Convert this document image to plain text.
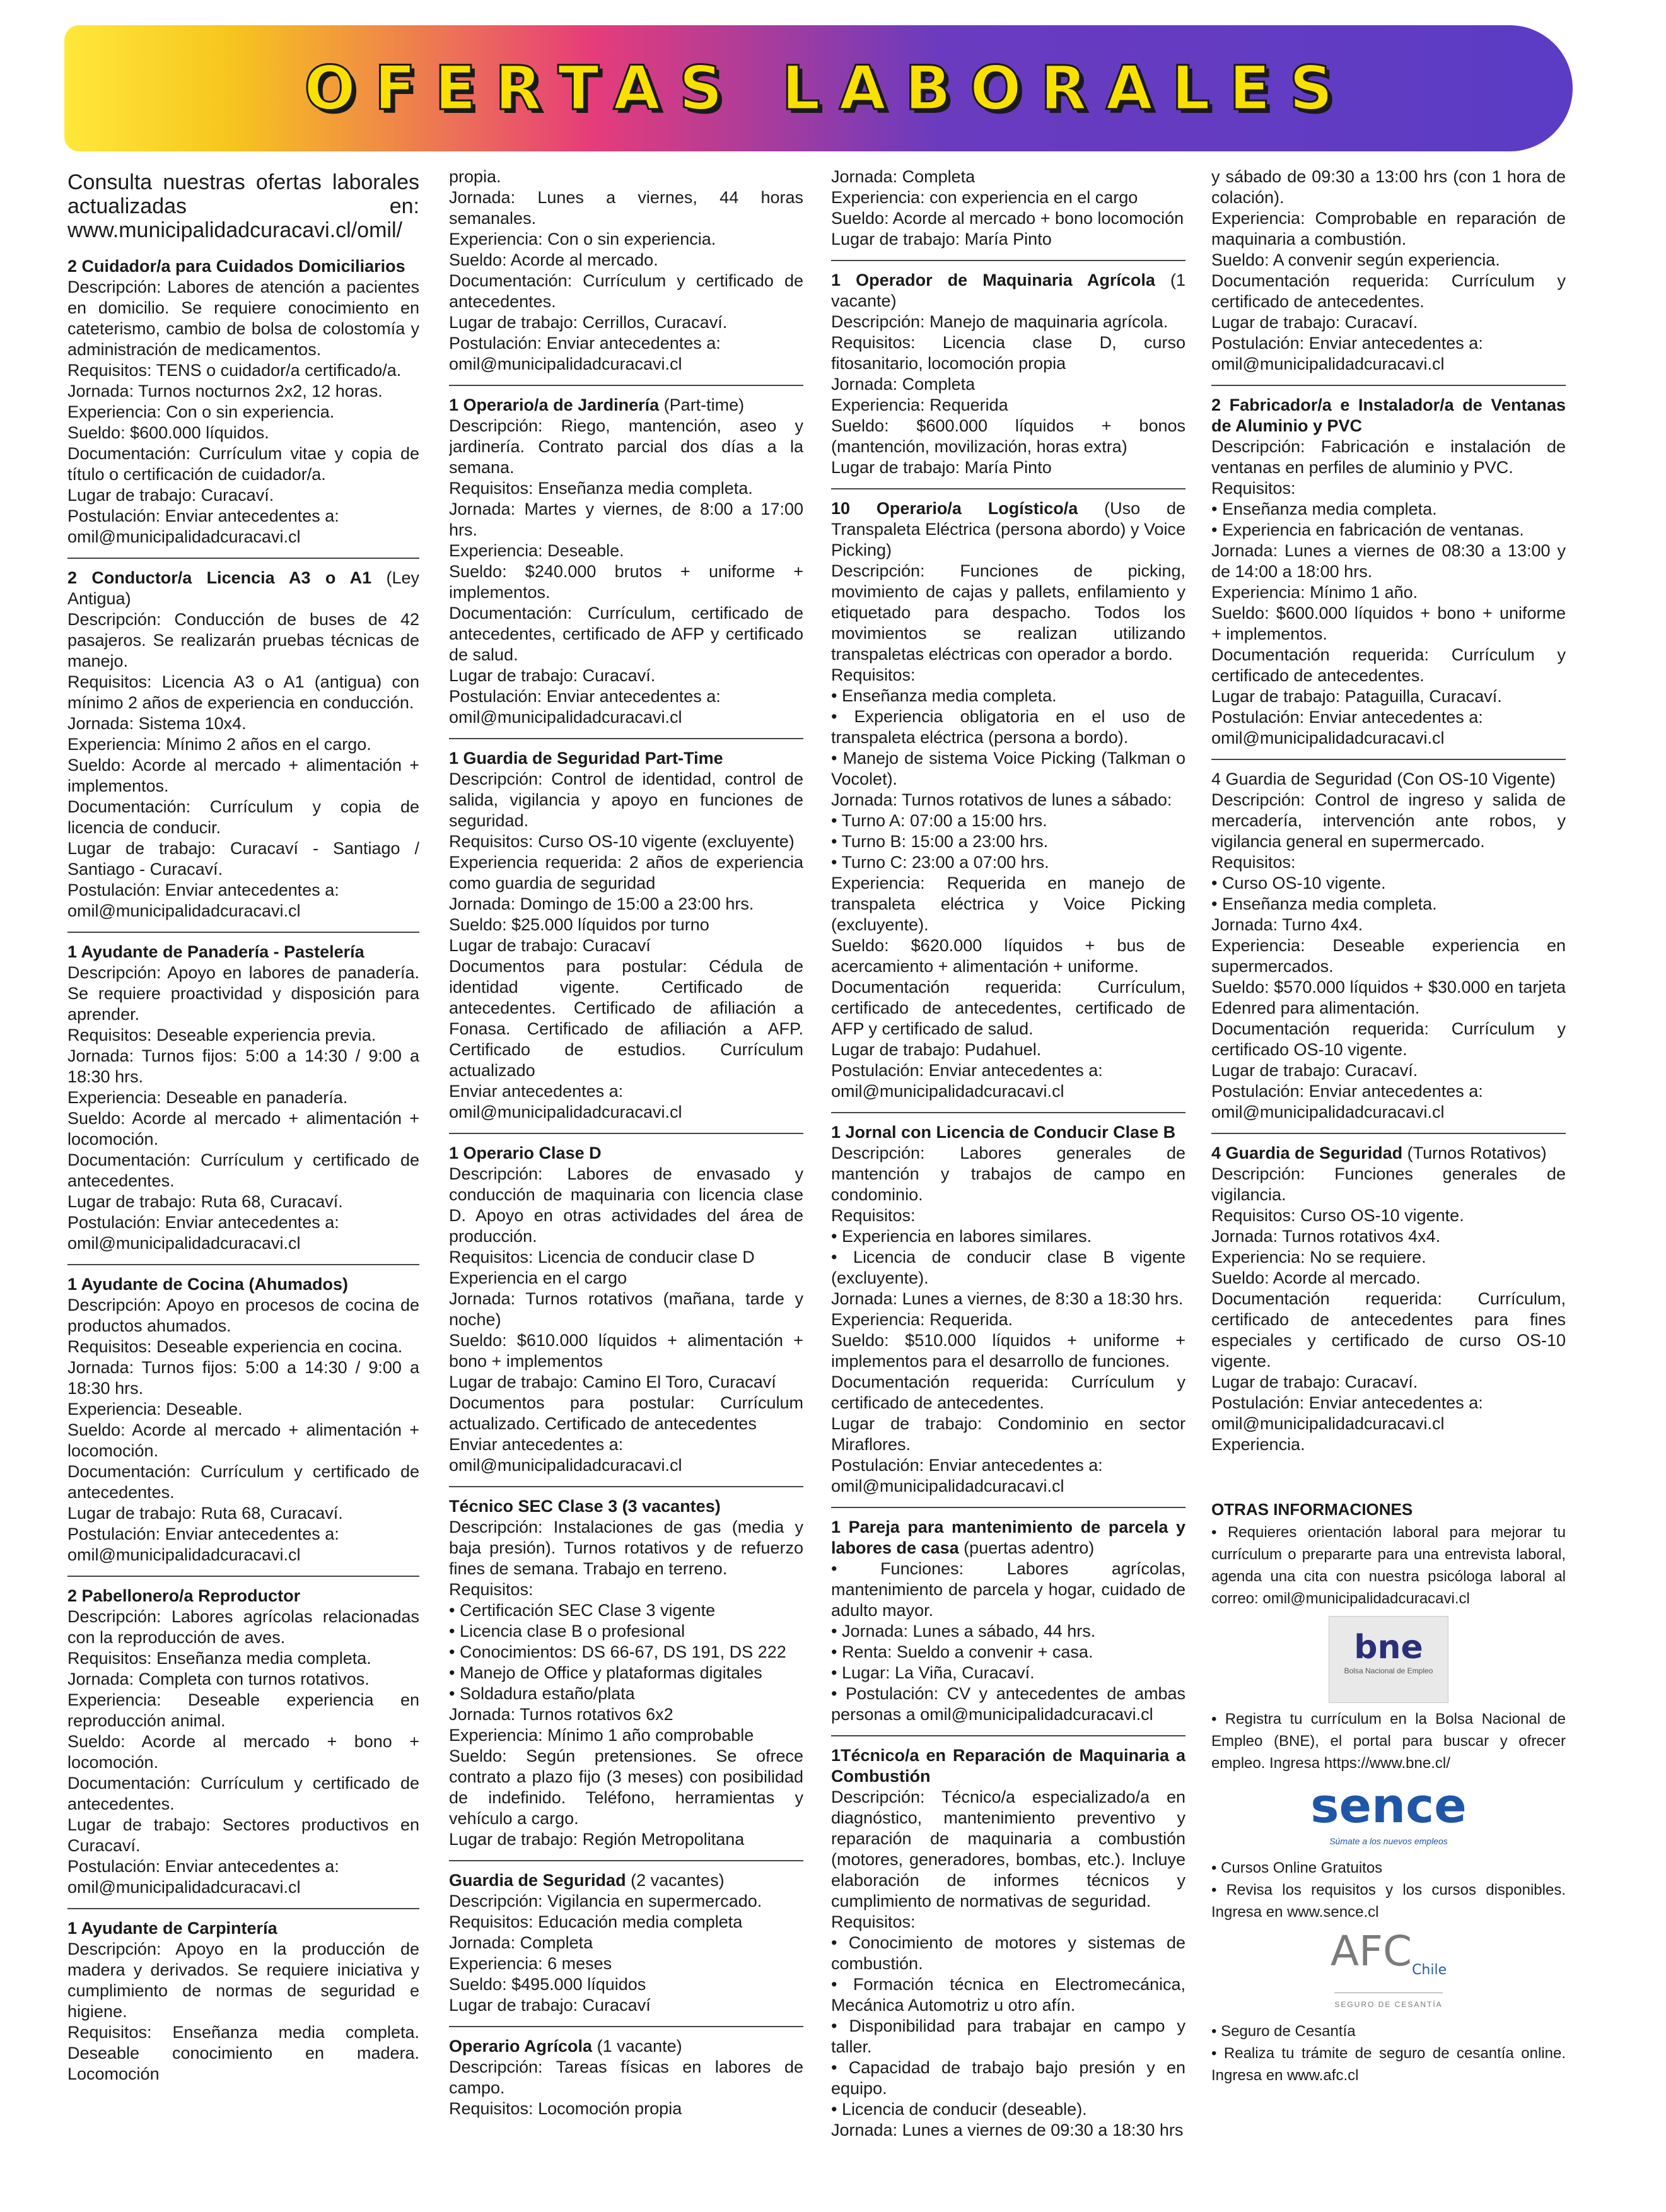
OFERTAS LABORALES
Consulta nuestras ofertas laborales actualizadas en: www.municipalidadcuracavi.cl/omil/
2 Cuidador/a para Cuidados Domiciliarios
Descripción: Labores de atención a pacientes en domicilio. Se requiere conocimiento en cateterismo, cambio de bolsa de colostomía y administración de medicamentos.
Requisitos: TENS o cuidador/a certificado/a.
Jornada: Turnos nocturnos 2x2, 12 horas.
Experiencia: Con o sin experiencia.
Sueldo: $600.000 líquidos.
Documentación: Currículum vitae y copia de título o certificación de cuidador/a.
Lugar de trabajo: Curacaví.
Postulación: Enviar antecedentes a:
omil@municipalidadcuracavi.cl
2 Conductor/a Licencia A3 o A1 (Ley Antigua)
Descripción: Conducción de buses de 42 pasajeros. Se realizarán pruebas técnicas de manejo.
Requisitos: Licencia A3 o A1 (antigua) con mínimo 2 años de experiencia en conducción.
Jornada: Sistema 10x4.
Experiencia: Mínimo 2 años en el cargo.
Sueldo: Acorde al mercado + alimentación + implementos.
Documentación: Currículum y copia de licencia de conducir.
Lugar de trabajo: Curacaví - Santiago / Santiago - Curacaví.
Postulación: Enviar antecedentes a:
omil@municipalidadcuracavi.cl
1 Ayudante de Panadería - Pastelería
Descripción: Apoyo en labores de panadería. Se requiere proactividad y disposición para aprender.
Requisitos: Deseable experiencia previa.
Jornada: Turnos fijos: 5:00 a 14:30 / 9:00 a 18:30 hrs.
Experiencia: Deseable en panadería.
Sueldo: Acorde al mercado + alimentación + locomoción.
Documentación: Currículum y certificado de antecedentes.
Lugar de trabajo: Ruta 68, Curacaví.
Postulación: Enviar antecedentes a:
omil@municipalidadcuracavi.cl
1 Ayudante de Cocina (Ahumados)
Descripción: Apoyo en procesos de cocina de productos ahumados.
Requisitos: Deseable experiencia en cocina.
Jornada: Turnos fijos: 5:00 a 14:30 / 9:00 a 18:30 hrs.
Experiencia: Deseable.
Sueldo: Acorde al mercado + alimentación + locomoción.
Documentación: Currículum y certificado de antecedentes.
Lugar de trabajo: Ruta 68, Curacaví.
Postulación: Enviar antecedentes a:
omil@municipalidadcuracavi.cl
2 Pabellonero/a Reproductor
Descripción: Labores agrícolas relacionadas con la reproducción de aves.
Requisitos: Enseñanza media completa.
Jornada: Completa con turnos rotativos.
Experiencia: Deseable experiencia en reproducción animal.
Sueldo: Acorde al mercado + bono + locomoción.
Documentación: Currículum y certificado de antecedentes.
Lugar de trabajo: Sectores productivos en Curacaví.
Postulación: Enviar antecedentes a:
omil@municipalidadcuracavi.cl
1 Ayudante de Carpintería
Descripción: Apoyo en la producción de madera y derivados. Se requiere iniciativa y cumplimiento de normas de seguridad e higiene.
Requisitos: Enseñanza media completa. Deseable conocimiento en madera. Locomoción
propia.
Jornada: Lunes a viernes, 44 horas semanales.
Experiencia: Con o sin experiencia.
Sueldo: Acorde al mercado.
Documentación: Currículum y certificado de antecedentes.
Lugar de trabajo: Cerrillos, Curacaví.
Postulación: Enviar antecedentes a:
omil@municipalidadcuracavi.cl
1 Operario/a de Jardinería (Part-time)
Descripción: Riego, mantención, aseo y jardinería. Contrato parcial dos días a la semana.
Requisitos: Enseñanza media completa.
Jornada: Martes y viernes, de 8:00 a 17:00 hrs.
Experiencia: Deseable.
Sueldo: $240.000 brutos + uniforme + implementos.
Documentación: Currículum, certificado de antecedentes, certificado de AFP y certificado de salud.
Lugar de trabajo: Curacaví.
Postulación: Enviar antecedentes a:
omil@municipalidadcuracavi.cl
1 Guardia de Seguridad Part-Time
Descripción: Control de identidad, control de salida, vigilancia y apoyo en funciones de seguridad.
Requisitos: Curso OS-10 vigente (excluyente)
Experiencia requerida: 2 años de experiencia como guardia de seguridad
Jornada: Domingo de 15:00 a 23:00 hrs.
Sueldo: $25.000 líquidos por turno
Lugar de trabajo: Curacaví
Documentos para postular: Cédula de identidad vigente. Certificado de antecedentes. Certificado de afiliación a Fonasa. Certificado de afiliación a AFP. Certificado de estudios. Currículum actualizado
Enviar antecedentes a:
omil@municipalidadcuracavi.cl
1 Operario Clase D
Descripción: Labores de envasado y conducción de maquinaria con licencia clase D. Apoyo en otras actividades del área de producción.
Requisitos: Licencia de conducir clase D
Experiencia en el cargo
Jornada: Turnos rotativos (mañana, tarde y noche)
Sueldo: $610.000 líquidos + alimentación + bono + implementos
Lugar de trabajo: Camino El Toro, Curacaví
Documentos para postular: Currículum actualizado. Certificado de antecedentes
Enviar antecedentes a:
omil@municipalidadcuracavi.cl
Técnico SEC Clase 3 (3 vacantes)
Descripción: Instalaciones de gas (media y baja presión). Turnos rotativos y de refuerzo fines de semana. Trabajo en terreno.
Requisitos:
• Certificación SEC Clase 3 vigente
• Licencia clase B o profesional
• Conocimientos: DS 66-67, DS 191, DS 222
• Manejo de Office y plataformas digitales
• Soldadura estaño/plata
Jornada: Turnos rotativos 6x2
Experiencia: Mínimo 1 año comprobable
Sueldo: Según pretensiones. Se ofrece contrato a plazo fijo (3 meses) con posibilidad de indefinido. Teléfono, herramientas y vehículo a cargo.
Lugar de trabajo: Región Metropolitana
Guardia de Seguridad (2 vacantes)
Descripción: Vigilancia en supermercado.
Requisitos: Educación media completa
Jornada: Completa
Experiencia: 6 meses
Sueldo: $495.000 líquidos
Lugar de trabajo: Curacaví
Operario Agrícola (1 vacante)
Descripción: Tareas físicas en labores de campo.
Requisitos: Locomoción propia
Jornada: Completa
Experiencia: con experiencia en el cargo
Sueldo: Acorde al mercado + bono locomoción
Lugar de trabajo: María Pinto
1 Operador de Maquinaria Agrícola (1 vacante)
Descripción: Manejo de maquinaria agrícola.
Requisitos: Licencia clase D, curso fitosanitario, locomoción propia
Jornada: Completa
Experiencia: Requerida
Sueldo: $600.000 líquidos + bonos (mantención, movilización, horas extra)
Lugar de trabajo: María Pinto
10 Operario/a Logístico/a (Uso de Transpaleta Eléctrica (persona abordo) y Voice Picking)
Descripción: Funciones de picking, movimiento de cajas y pallets, enfilamiento y etiquetado para despacho. Todos los movimientos se realizan utilizando transpaletas eléctricas con operador a bordo.
Requisitos:
• Enseñanza media completa.
• Experiencia obligatoria en el uso de transpaleta eléctrica (persona a bordo).
• Manejo de sistema Voice Picking (Talkman o Vocolet).
Jornada: Turnos rotativos de lunes a sábado:
• Turno A: 07:00 a 15:00 hrs.
• Turno B: 15:00 a 23:00 hrs.
• Turno C: 23:00 a 07:00 hrs.
Experiencia: Requerida en manejo de transpaleta eléctrica y Voice Picking (excluyente).
Sueldo: $620.000 líquidos + bus de acercamiento + alimentación + uniforme.
Documentación requerida: Currículum, certificado de antecedentes, certificado de AFP y certificado de salud.
Lugar de trabajo: Pudahuel.
Postulación: Enviar antecedentes a:
omil@municipalidadcuracavi.cl
1 Jornal con Licencia de Conducir Clase B
Descripción: Labores generales de mantención y trabajos de campo en condominio.
Requisitos:
• Experiencia en labores similares.
• Licencia de conducir clase B vigente (excluyente).
Jornada: Lunes a viernes, de 8:30 a 18:30 hrs.
Experiencia: Requerida.
Sueldo: $510.000 líquidos + uniforme + implementos para el desarrollo de funciones.
Documentación requerida: Currículum y certificado de antecedentes.
Lugar de trabajo: Condominio en sector Miraflores.
Postulación: Enviar antecedentes a:
omil@municipalidadcuracavi.cl
1 Pareja para mantenimiento de parcela y labores de casa (puertas adentro)
• Funciones: Labores agrícolas, mantenimiento de parcela y hogar, cuidado de adulto mayor.
• Jornada: Lunes a sábado, 44 hrs.
• Renta: Sueldo a convenir + casa.
• Lugar: La Viña, Curacaví.
• Postulación: CV y antecedentes de ambas personas a omil@municipalidadcuracavi.cl
1Técnico/a en Reparación de Maquinaria a Combustión
Descripción: Técnico/a especializado/a en diagnóstico, mantenimiento preventivo y reparación de maquinaria a combustión (motores, generadores, bombas, etc.). Incluye elaboración de informes técnicos y cumplimiento de normativas de seguridad.
Requisitos:
• Conocimiento de motores y sistemas de combustión.
• Formación técnica en Electromecánica, Mecánica Automotriz u otro afín.
• Disponibilidad para trabajar en campo y taller.
• Capacidad de trabajo bajo presión y en equipo.
• Licencia de conducir (deseable).
Jornada: Lunes a viernes de 09:30 a 18:30 hrs
y sábado de 09:30 a 13:00 hrs (con 1 hora de colación).
Experiencia: Comprobable en reparación de maquinaria a combustión.
Sueldo: A convenir según experiencia.
Documentación requerida: Currículum y certificado de antecedentes.
Lugar de trabajo: Curacaví.
Postulación: Enviar antecedentes a:
omil@municipalidadcuracavi.cl
2 Fabricador/a e Instalador/a de Ventanas de Aluminio y PVC
Descripción: Fabricación e instalación de ventanas en perfiles de aluminio y PVC.
Requisitos:
• Enseñanza media completa.
• Experiencia en fabricación de ventanas.
Jornada: Lunes a viernes de 08:30 a 13:00 y de 14:00 a 18:00 hrs.
Experiencia: Mínimo 1 año.
Sueldo: $600.000 líquidos + bono + uniforme + implementos.
Documentación requerida: Currículum y certificado de antecedentes.
Lugar de trabajo: Pataguilla, Curacaví.
Postulación: Enviar antecedentes a:
omil@municipalidadcuracavi.cl
4 Guardia de Seguridad (Con OS-10 Vigente)
Descripción: Control de ingreso y salida de mercadería, intervención ante robos, y vigilancia general en supermercado.
Requisitos:
• Curso OS-10 vigente.
• Enseñanza media completa.
Jornada: Turno 4x4.
Experiencia: Deseable experiencia en supermercados.
Sueldo: $570.000 líquidos + $30.000 en tarjeta Edenred para alimentación.
Documentación requerida: Currículum y certificado OS-10 vigente.
Lugar de trabajo: Curacaví.
Postulación: Enviar antecedentes a:
omil@municipalidadcuracavi.cl
4 Guardia de Seguridad (Turnos Rotativos)
Descripción: Funciones generales de vigilancia.
Requisitos: Curso OS-10 vigente.
Jornada: Turnos rotativos 4x4.
Experiencia: No se requiere.
Sueldo: Acorde al mercado.
Documentación requerida: Currículum, certificado de antecedentes para fines especiales y certificado de curso OS-10 vigente.
Lugar de trabajo: Curacaví.
Postulación: Enviar antecedentes a:
omil@municipalidadcuracavi.cl
Experiencia.
OTRAS INFORMACIONES
• Requieres orientación laboral para mejorar tu currículum o prepararte para una entrevista laboral, agenda una cita con nuestra psicóloga laboral al correo: omil@municipalidadcuracavi.cl
bne
Bolsa Nacional de Empleo
• Registra tu currículum en la Bolsa Nacional de Empleo (BNE), el portal para buscar y ofrecer empleo. Ingresa https://www.bne.cl/
sence
Súmate a los nuevos empleos
• Cursos Online Gratuitos
• Revisa los requisitos y los cursos disponibles. Ingresa en www.sence.cl
$AFC_{Chile}$
SEGURO DE CESANTÍA
• Seguro de Cesantía
• Realiza tu trámite de seguro de cesantía online. Ingresa en www.afc.cl
